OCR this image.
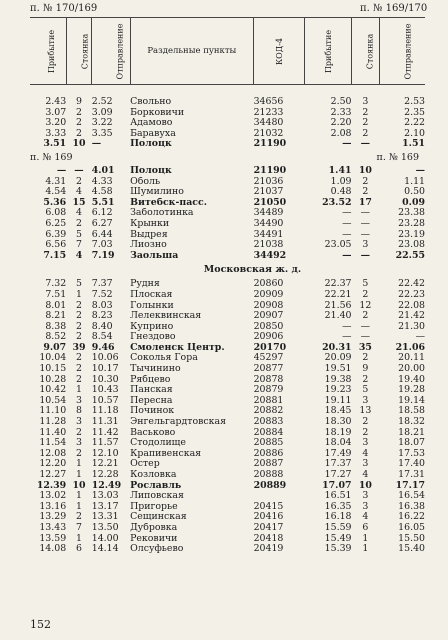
п. № 170/169	п. № 169/170
Прибытие	Стоянка	Отправление	Раздельные пункты	КОД-4	Прибытие	Стоянка	Отправление
2.43	9	2.52	Свольно	34656	2.50	3	2.53
3.07	2	3.09	Борковичи	21233	2.33	2	2.35
3.20	2	3.22	Адамово	34480	2.20	2	2.22
3.33	2	3.35	Баравуха	21032	2.08	2	2.10
3.51	10	—	Полоцк	21190	—	—	1.51

п. № 169 п. № 169							

—	—	4.01	Полоцк	21190	1.41	10	—
4.31	2	4.33	Оболь	21036	1.09	2	1.11
4.54	4	4.58	Шумилино	21037	0.48	2	0.50
5.36	15	5.51	Витебск-пасс.	21050	23.52	17	0.09
6.08	4	6.12	Заболотинка	34489	—	—	23.38
6.25	2	6.27	Крынки	34490	—	—	23.28
6.39	5	6.44	Выдрея	34491	—	—	23.19
6.56	7	7.03	Лиозно	21038	23.05	3	23.08
7.15	4	7.19	Заольша	34492	—	—	22.55
Московская ж. д.							
7.32	5	7.37	Рудня	20860	22.37	5	22.42
7.51	1	7.52	Плоская	20909	22.21	2	22.23
8.01	2	8.03	Голынки	20908	21.56	12	22.08
8.21	2	8.23	Лелеквинская	20907	21.40	2	21.42
8.38	2	8.40	Куприно	20850	—	—	21.30
8.52	2	8.54	Гнездово	20906	—	—	—
9.07	39	9.46	Смоленск Центр.	20170	20.31	35	21.06
10.04	2	10.06	Соколья Гора	45297	20.09	2	20.11
10.15	2	10.17	Тычинино	20877	19.51	9	20.00
10.28	2	10.30	Рябцево	20878	19.38	2	19.40
10.42	1	10.43	Панская	20879	19.23	5	19.28
10.54	3	10.57	Пересна	20881	19.11	3	19.14
11.10	8	11.18	Починок	20882	18.45	13	18.58
11.28	3	11.31	Энгельгардтовская	20883	18.30	2	18.32
11.40	2	11.42	Васьково	20884	18.19	2	18.21
11.54	3	11.57	Стодолище	20885	18.04	3	18.07
12.08	2	12.10	Крапивенская	20886	17.49	4	17.53
12.20	1	12.21	Остер	20887	17.37	3	17.40
12.27	1	12.28	Козловка	20888	17.27	4	17.31
12.39	10	12.49	Рославль	20889	17.07	10	17.17
13.02	1	13.03	Липовская		16.51	3	16.54
13.16	1	13.17	Пригорье	20415	16.35	3	16.38
13.29	2	13.31	Сещинская	20416	16.18	4	16.22
13.43	7	13.50	Дубровка	20417	15.59	6	16.05
13.59	1	14.00	Рековичи	20418	15.49	1	15.50
14.08	6	14.14	Олсуфьево	20419	15.39	1	15.40
152
